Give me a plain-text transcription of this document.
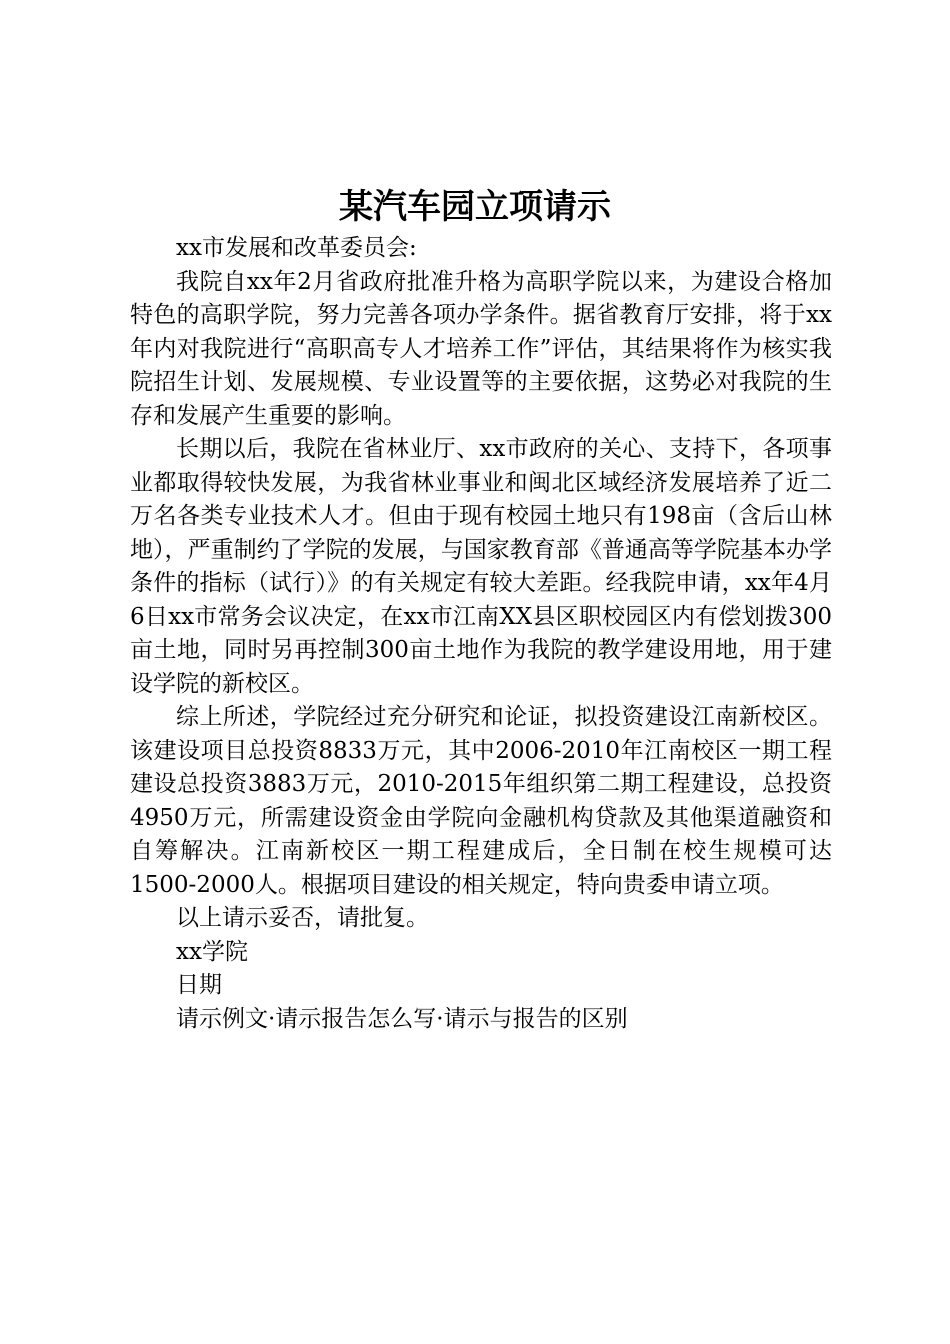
某汽车园立项请示

xx市发展和改革委员会:

我院自xx年2月省政府批准升格为高职学院以来，为建设合格加特色的高职学院，努力完善各项办学条件。据省教育厅安排，将于xx年内对我院进行“高职高专人才培养工作”评估，其结果将作为核实我院招生计划、发展规模、专业设置等的主要依据，这势必对我院的生存和发展产生重要的影响。

长期以后，我院在省林业厅、xx市政府的关心、支持下，各项事业都取得较快发展，为我省林业事业和闽北区域经济发展培养了近二万名各类专业技术人才。但由于现有校园土地只有198亩（含后山林地），严重制约了学院的发展，与国家教育部《普通高等学院基本办学条件的指标（试行）》的有关规定有较大差距。经我院申请，xx年4月6日xx市常务会议决定，在xx市江南XX县区职校园区内有偿划拨300亩土地，同时另再控制300亩土地作为我院的教学建设用地，用于建设学院的新校区。

综上所述，学院经过充分研究和论证，拟投资建设江南新校区。该建设项目总投资8833万元，其中2006-2010年江南校区一期工程建设总投资3883万元，2010-2015年组织第二期工程建设，总投资4950万元，所需建设资金由学院向金融机构贷款及其他渠道融资和自筹解决。江南新校区一期工程建成后，全日制在校生规模可达1500-2000人。根据项目建设的相关规定，特向贵委申请立项。

以上请示妥否，请批复。

xx学院

日期

请示例文·请示报告怎么写·请示与报告的区别
